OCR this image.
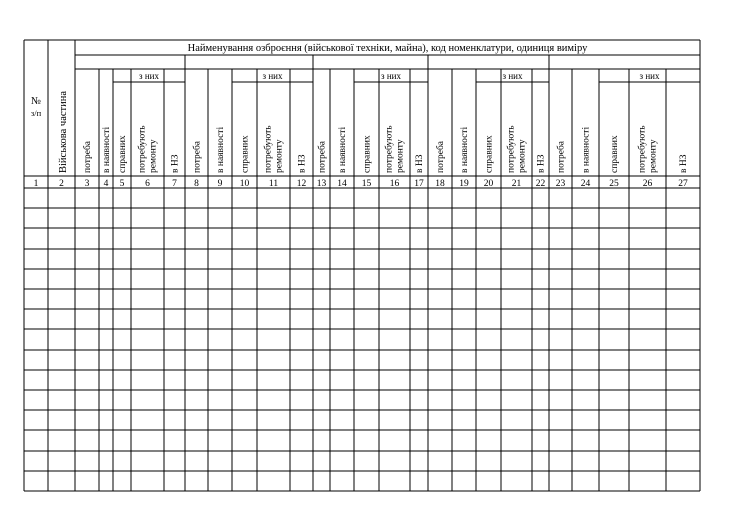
Найменування озброєння (військової техніки, майна), код номенклатури, одиниця виміру
№
з/п Військова частина
з них
потреба в наявності справних потребують ремонту в НЗ
з них
потреба в наявності справних потребують ремонту в НЗ
з них
потреба в наявності справних потребують ремонту в НЗ
з них
потреба в наявності справних потребують ремонту в НЗ
з них
потреба в наявності справних потребують ремонту в НЗ
1 2 3 4 5 6 7 8 9 10 11 12 13 14 15 16 17 18 19 20 21 22 23 24 25	26	27
